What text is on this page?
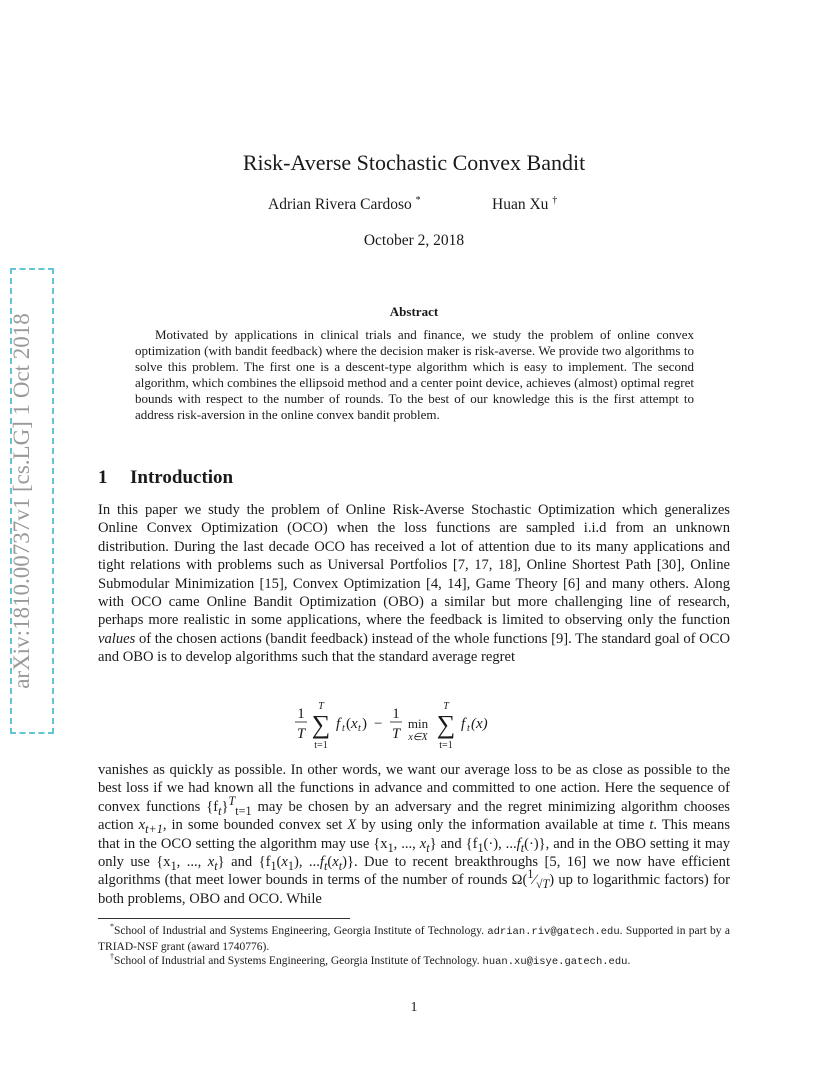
arXiv:1810.00737v1 [cs.LG] 1 Oct 2018
Risk-Averse Stochastic Convex Bandit
Adrian Rivera Cardoso *	Huan Xu †
October 2, 2018
Abstract

Motivated by applications in clinical trials and finance, we study the problem of online convex optimization (with bandit feedback) where the decision maker is risk-averse. We provide two algorithms to solve this problem. The first one is a descent-type algorithm which is easy to implement. The second algorithm, which combines the ellipsoid method and a center point device, achieves (almost) optimal regret bounds with respect to the number of rounds. To the best of our knowledge this is the first attempt to address risk-aversion in the online convex bandit problem.

1 Introduction

In this paper we study the problem of Online Risk-Averse Stochastic Optimization which generalizes Online Convex Optimization (OCO) when the loss functions are sampled i.i.d from an unknown distribution. During the last decade OCO has received a lot of attention due to its many applications and tight relations with problems such as Universal Portfolios [7, 17, 18], Online Shortest Path [30], Online Submodular Minimization [15], Convex Optimization [4, 14], Game Theory [6] and many others. Along with OCO came Online Bandit Optimization (OBO) a similar but more challenging line of research, perhaps more realistic in some applications, where the feedback is limited to observing only the function values of the chosen actions (bandit feedback) instead of the whole functions [9]. The standard goal of OCO and OBO is to develop algorithms such that the standard average regret

1
T ∑
T
t=1
f t ( x t ) −
1
T
min
x∈X ∑
T
t=1
f t (x)

vanishes as quickly as possible. In other words, we want our average loss to be as close as possible to the best loss if we had known all the functions in advance and committed to one action. Here the sequence of convex functions $\{f_t\}^T_{t=1}$ may be chosen by an adversary and the regret minimizing algorithm chooses action $x_{t+1}$, in some bounded convex set X by using only the information available at time t. This means that in the OCO setting the algorithm may use {$x_1$, ..., $x_t$} and {$f_1(\cdot)$, $...f_t(\cdot)$}, and in the OBO setting it may only use {$x_1$, ..., $x_t$} and {$f_1(x_1)$, $...f_t(x_t)$}. Due to recent breakthroughs [5, 16] we now have efficient algorithms (that meet lower bounds in terms of the number of rounds $\Omega(^1⁄_{√T})$ up to logarithmic factors) for both problems, OBO and OCO. While

*School of Industrial and Systems Engineering, Georgia Institute of Technology. adrian.riv@gatech.edu. Supported in part by a TRIAD-NSF grant (award 1740776).

†School of Industrial and Systems Engineering, Georgia Institute of Technology. huan.xu@isye.gatech.edu.

1
